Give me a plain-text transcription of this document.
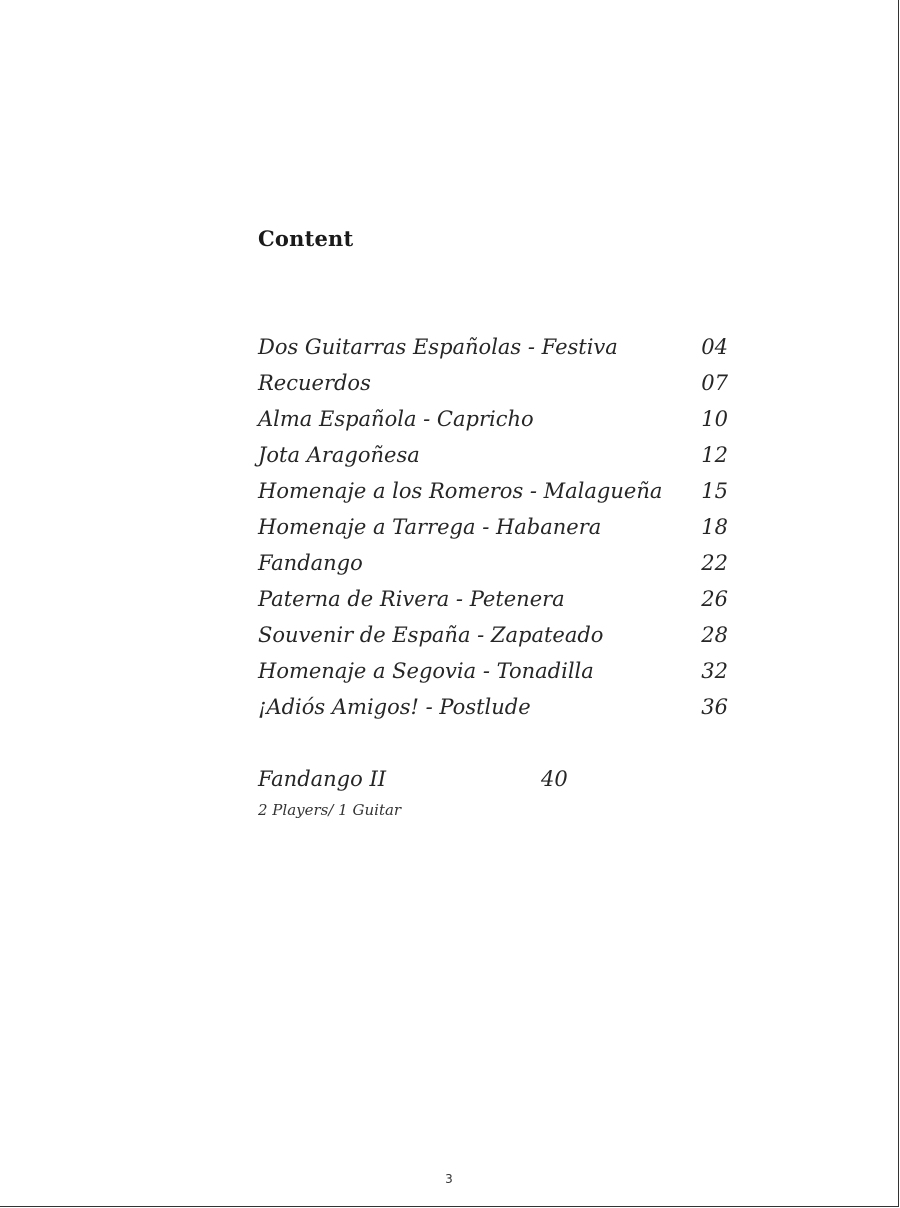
Content
Dos Guitarras Españolas - Festiva	04
Recuerdos	07
Alma Española - Capricho	10
Jota Aragoñesa	12
Homenaje a los Romeros - Malagueña 15
Homenaje a Tarrega - Habanera	18
Fandango	22
Paterna de Rivera - Petenera	26
Souvenir de España - Zapateado	28
Homenaje a Segovia - Tonadilla	32
¡Adiós Amigos! - Postlude	36
Fandango II	40
2 Players/ 1 Guitar
3
